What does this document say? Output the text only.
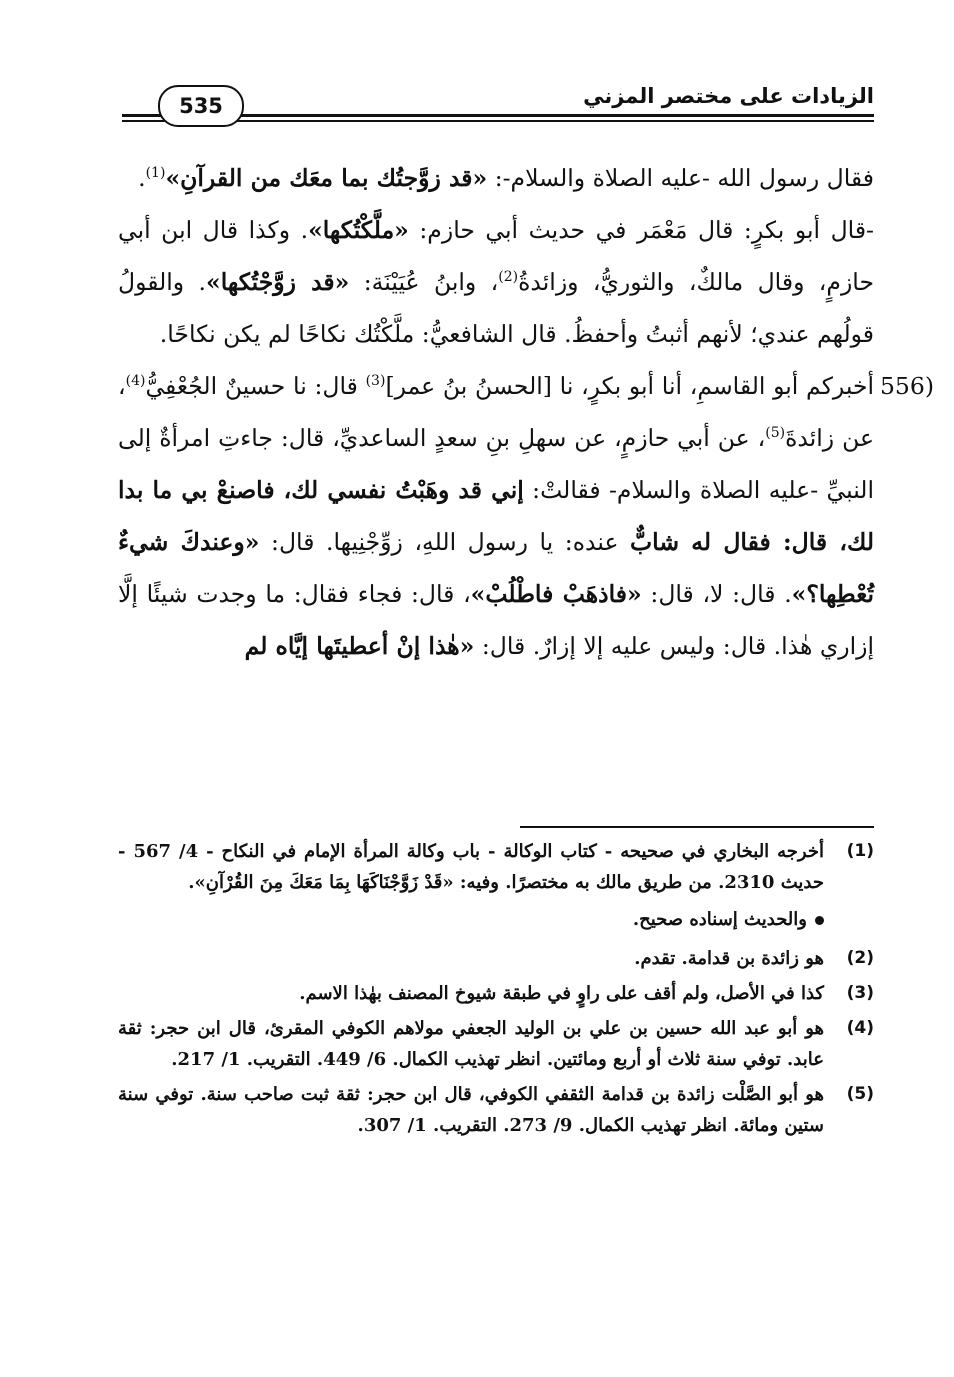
الزيادات على مختصر المزني
535

فقال رسول الله -عليه الصلاة والسلام-: «قد زوَّجتُك بما معَك من القرآنِ»$^{(1)}$.

-قال أبو بكرٍ: قال مَعْمَر في حديث أبي حازم: «ملَّكْتُكها». وكذا قال ابن أبي حازمٍ، وقال مالكٌ، والثوريُّ، وزائدةُ$^{(2)}$، وابنُ عُيَيْنَة: «قد زوَّجْتُكها». والقولُ قولُهم عندي؛ لأنهم أثبتُ وأحفظُ. قال الشافعيُّ: ملَّكْتُك نكاحًا لم يكن نكاحًا.

556)
أخبركم أبو القاسمِ، أنا أبو بكرٍ، نا [الحسنُ بنُ عمر]$^{(3)}$ قال: نا حسينٌ الجُعْفِيُّ$^{(4)}$، عن زائدةَ$^{(5)}$، عن أبي حازمٍ، عن سهلِ بنِ سعدٍ الساعديِّ، قال: جاءتِ امرأةٌ إلى النبيِّ -عليه الصلاة والسلام- فقالتْ: إني قد وهَبْتُ نفسي لك، فاصنعْ بي ما بدا لك، قال: فقال له شابٌّ عنده: يا رسول اللهِ، زوِّجْنِيها. قال: «وعندكَ شيءٌ تُعْطِها؟». قال: لا، قال: «فاذهَبْ فاطْلُبْ»، قال: فجاء فقال: ما وجدت شيئًا إلَّا إزاري هٰذا. قال: وليس عليه إلا إزارٌ. قال: «هٰذا إنْ أعطيتَها إيَّاه لم

(1)
أخرجه البخاري في صحيحه - كتاب الوكالة - باب وكالة المرأة الإمام في النكاح - 4/ 567 - حديث 2310. من طريق مالك به مختصرًا. وفيه: «قَدْ زَوَّجْنَاكَهَا بِمَا مَعَكَ مِنَ القُرْآنِ».
والحديث إسناده صحيح.
(2)
هو زائدة بن قدامة. تقدم.
(3)
كذا في الأصل، ولم أقف على راوٍ في طبقة شيوخ المصنف بهٰذا الاسم.
(4)
هو أبو عبد الله حسين بن علي بن الوليد الجعفي مولاهم الكوفي المقرئ، قال ابن حجر: ثقة عابد. توفي سنة ثلاث أو أربع ومائتين. انظر تهذيب الكمال. 6/ 449. التقريب. 1/ 217.
(5)
هو أبو الصَّلْت زائدة بن قدامة الثقفي الكوفي، قال ابن حجر: ثقة ثبت صاحب سنة. توفي سنة ستين ومائة. انظر تهذيب الكمال. 9/ 273. التقريب. 1/ 307.
